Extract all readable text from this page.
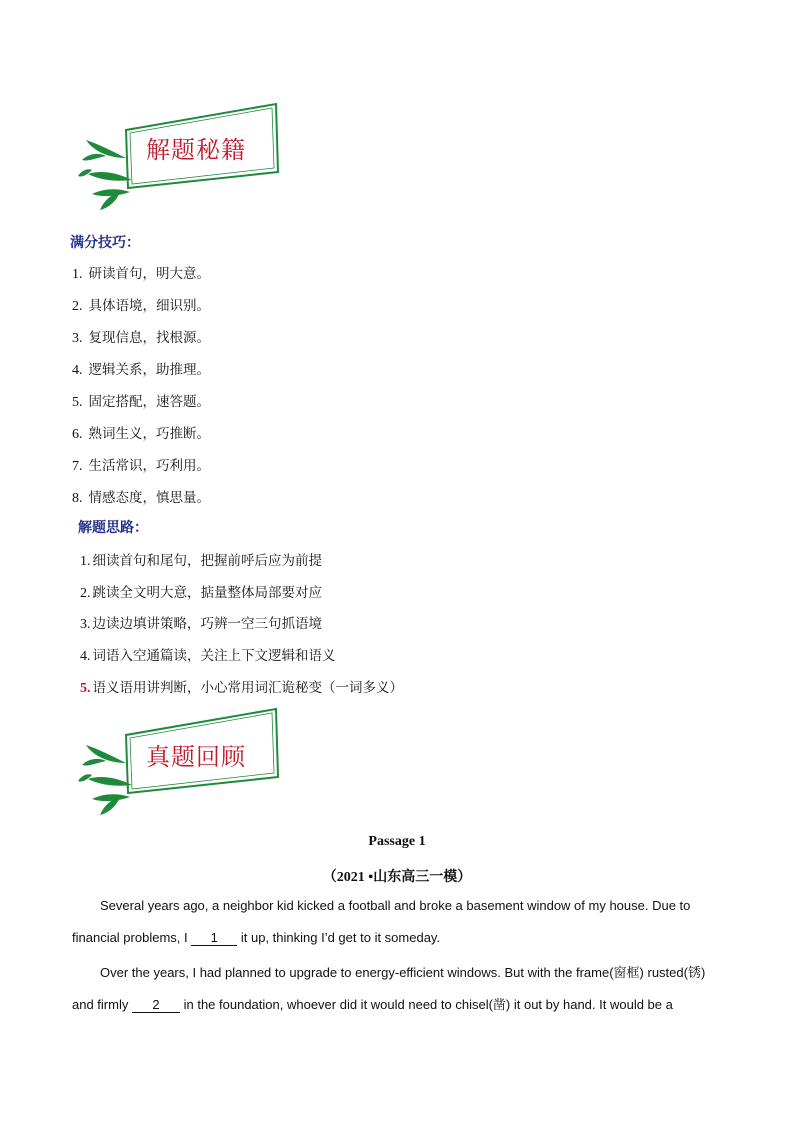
解题秘籍
满分技巧：
1. 研读首句，明大意。
2. 具体语境，细识别。
3. 复现信息，找根源。
4. 逻辑关系，助推理。
5. 固定搭配，速答题。
6. 熟词生义，巧推断。
7. 生活常识，巧利用。
8. 情感态度，慎思量。
解题思路：
1. 细读首句和尾句，把握前呼后应为前提
2. 跳读全文明大意，掂量整体局部要对应
3. 边读边填讲策略，巧辨一空三句抓语境
4. 词语入空通篇读，关注上下文逻辑和语义
5. 语义语用讲判断，小心常用词汇诡秘变（一词多义）
真题回顾
Passage 1
（2021 •山东高三一模）
Several years ago, a neighbor kid kicked a football and broke a basement window of my house. Due to
financial problems, I 1 it up, thinking I’d get to it someday.
Over the years, I had planned to upgrade to energy-efficient windows. But with the frame(窗框) rusted(锈)
and firmly 2 in the foundation, whoever did it would need to chisel(凿) it out by hand. It would be a
